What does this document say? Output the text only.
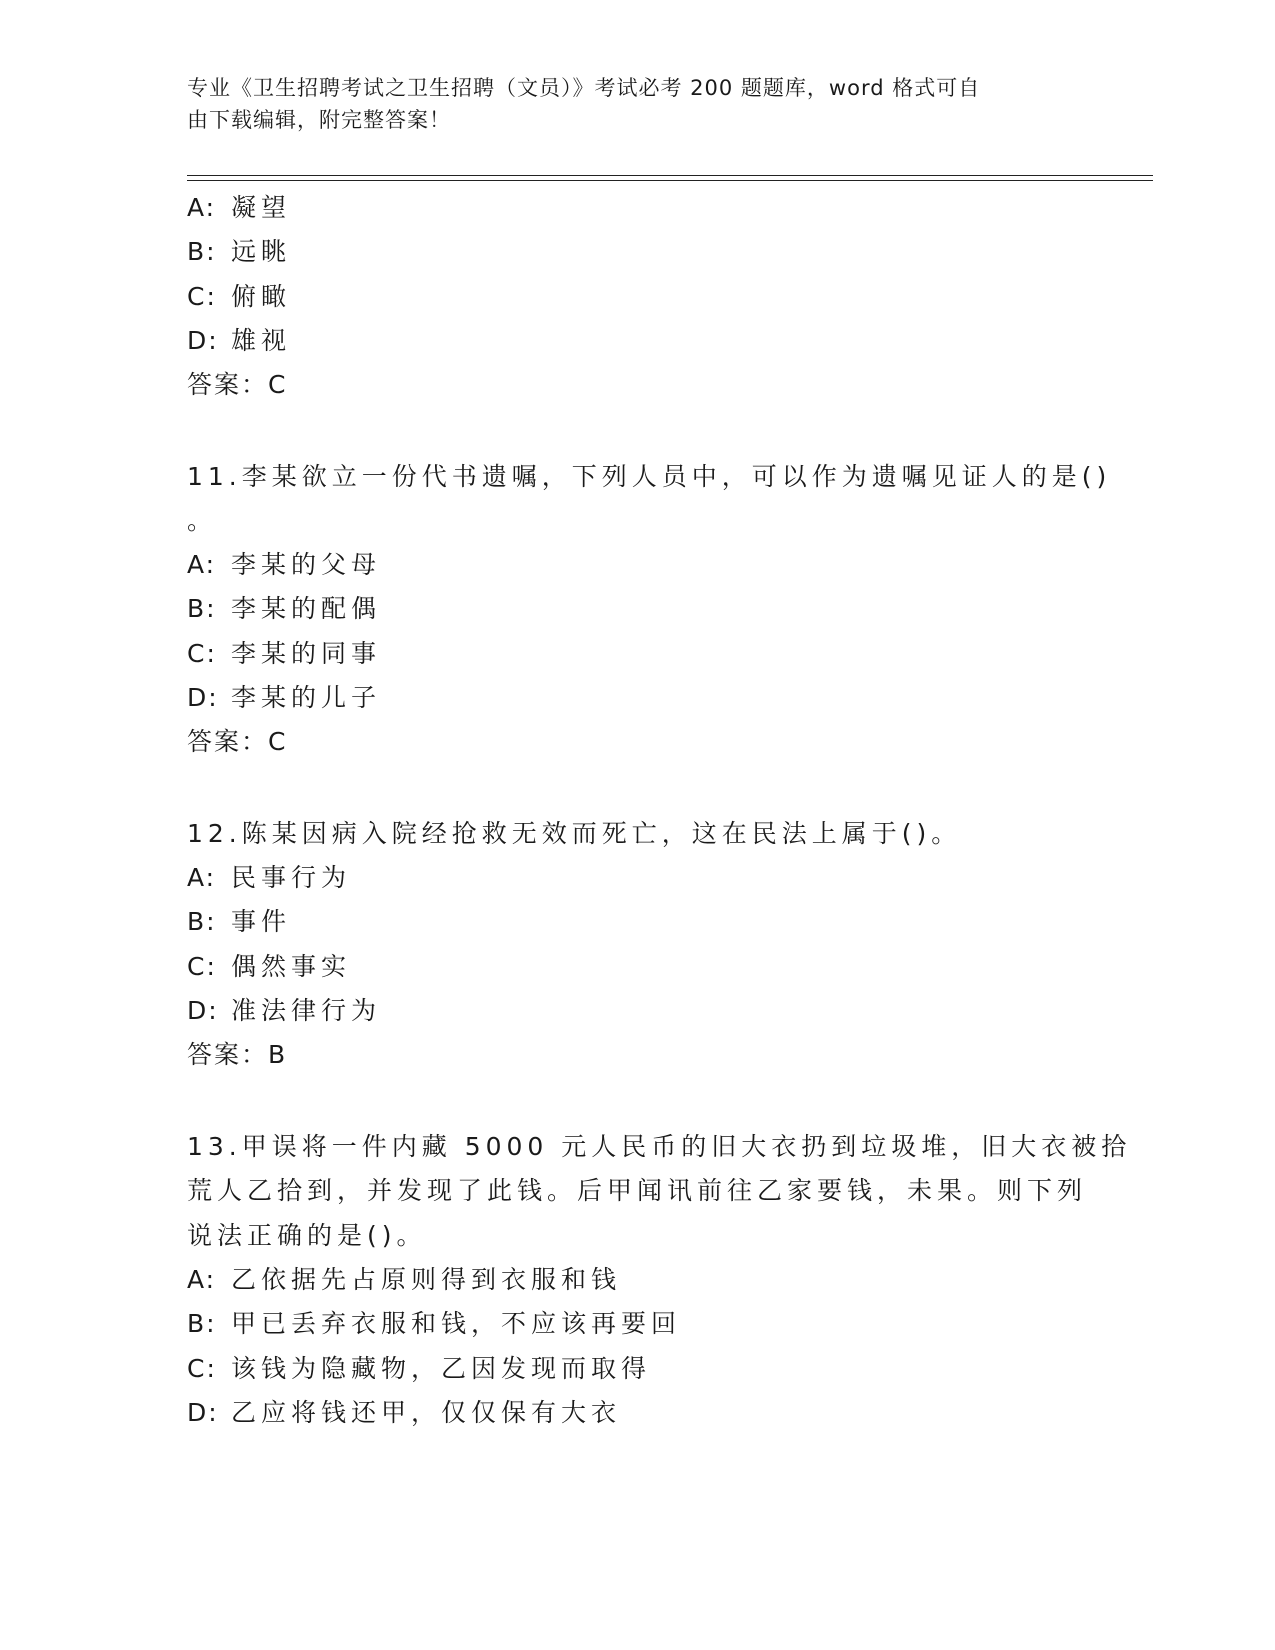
专业《卫生招聘考试之卫生招聘（文员）》考试必考 200 题题库，word 格式可自
由下载编辑，附完整答案！
A: 凝望
B: 远眺
C: 俯瞰
D: 雄视
答案：C
11.李某欲立一份代书遗嘱，下列人员中，可以作为遗嘱见证人的是()
。
A: 李某的父母
B: 李某的配偶
C: 李某的同事
D: 李某的儿子
答案：C
12.陈某因病入院经抢救无效而死亡，这在民法上属于()。
A: 民事行为
B: 事件
C: 偶然事实
D: 准法律行为
答案：B
13.甲误将一件内藏 5000 元人民币的旧大衣扔到垃圾堆，旧大衣被拾
荒人乙拾到，并发现了此钱。后甲闻讯前往乙家要钱，未果。则下列
说法正确的是()。
A: 乙依据先占原则得到衣服和钱
B: 甲已丢弃衣服和钱，不应该再要回
C: 该钱为隐藏物，乙因发现而取得
D: 乙应将钱还甲，仅仅保有大衣
